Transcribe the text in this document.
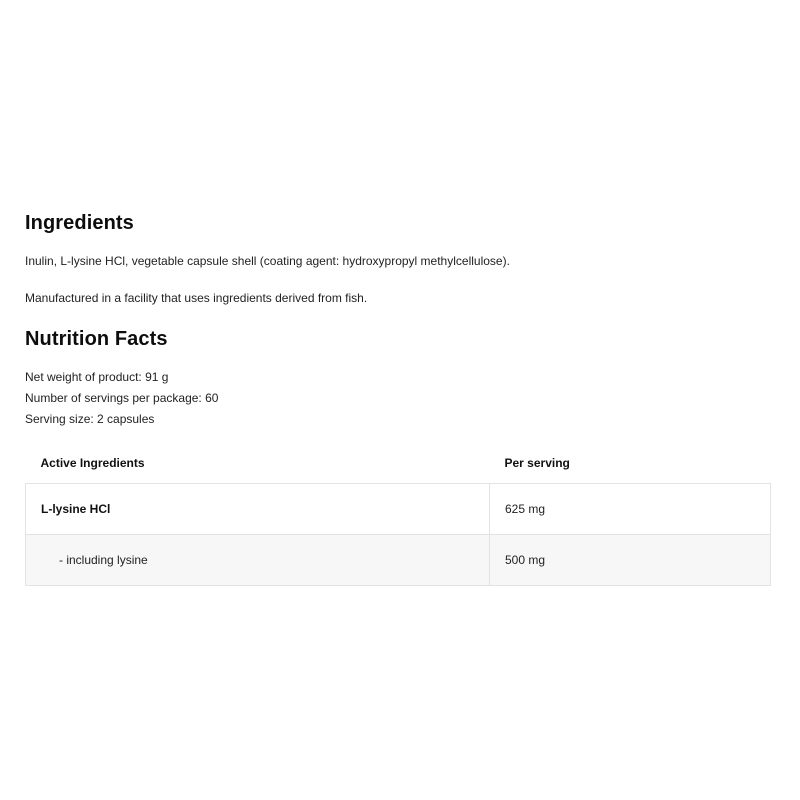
Ingredients

Inulin, L-lysine HCl, vegetable capsule shell (coating agent: hydroxypropyl methylcellulose).

Manufactured in a facility that uses ingredients derived from fish.

Nutrition Facts

Net weight of product: 91 g

Number of servings per package: 60

Serving size: 2 capsules

Active Ingredients	Per serving
L-lysine HCl	625 mg
- including lysine	500 mg
